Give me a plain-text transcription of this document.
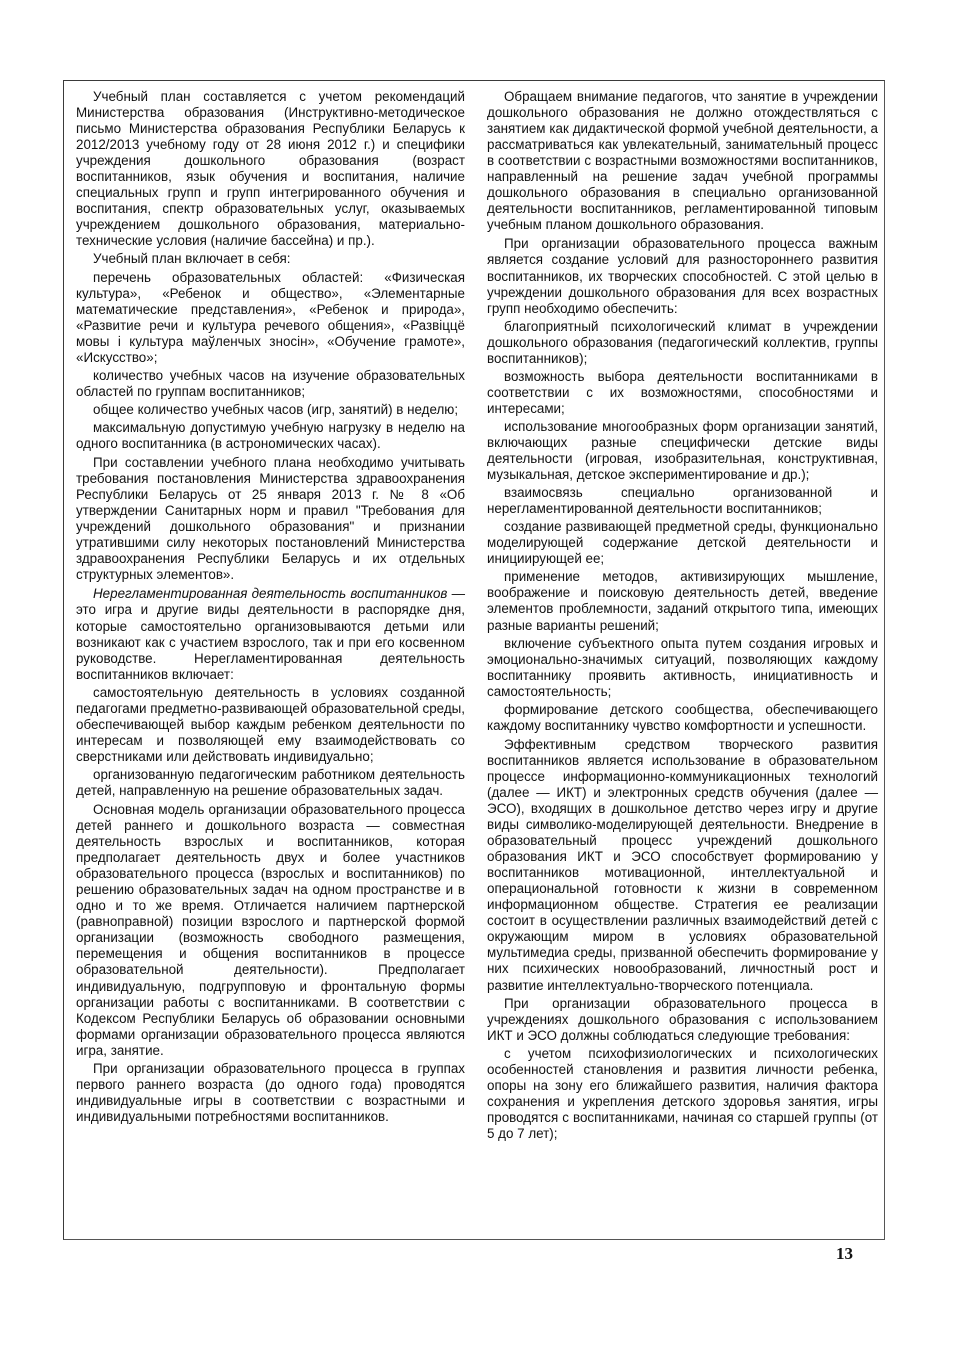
Учебный план составляется с учетом рекомендаций Министерства образования (Инструктивно-методическое письмо Министерства образования Республики Беларусь к 2012/2013 учебному году от 28 июня 2012 г.) и специфики учреждения дошкольного образования (возраст воспитанников, язык обучения и воспитания, наличие специальных групп и групп интегрированного обучения и воспитания, спектр образовательных услуг, оказываемых учреждением дошкольного образования, материально-технические условия (наличие бассейна) и пр.).

Учебный план включает в себя:

перечень образовательных областей: «Физическая культура», «Ребенок и общество», «Элементарные математические представления», «Ребенок и природа», «Развитие речи и культура речевого общения», «Развіццё мовы і культура маўленчых зносін», «Обучение грамоте», «Искусство»;

количество учебных часов на изучение образовательных областей по группам воспитанников;

общее количество учебных часов (игр, занятий) в неделю;

максимальную допустимую учебную нагрузку в неделю на одного воспитанника (в астрономических часах).

При составлении учебного плана необходимо учитывать требования постановления Министерства здравоохранения Республики Беларусь от 25 января 2013 г. № 8 «Об утверждении Санитарных норм и правил "Требования для учреждений дошкольного образования" и признании утратившими силу некоторых постановлений Министерства здравоохранения Республики Беларусь и их отдельных структурных элементов».

Нерегламентированная деятельность воспитанников — это игра и другие виды деятельности в распорядке дня, которые самостоятельно организовываются детьми или возникают как с участием взрослого, так и при его косвенном руководстве. Нерегламентированная деятельность воспитанников включает:

самостоятельную деятельность в условиях созданной педагогами предметно-развивающей образовательной среды, обеспечивающей выбор каждым ребенком деятельности по интересам и позволяющей ему взаимодействовать со сверстниками или действовать индивидуально;

организованную педагогическим работником деятельность детей, направленную на решение образовательных задач.

Основная модель организации образовательного процесса детей раннего и дошкольного возраста — совместная деятельность взрослых и воспитанников, которая предполагает деятельность двух и более участников образовательного процесса (взрослых и воспитанников) по решению образовательных задач на одном пространстве и в одно и то же время. Отличается наличием партнерской (равноправной) позиции взрослого и партнерской формой организации (возможность свободного размещения, перемещения и общения воспитанников в процессе образовательной деятельности). Предполагает индивидуальную, подгрупповую и фронтальную формы организации работы с воспитанниками. В соответствии с Кодексом Республики Беларусь об образовании основными формами организации образовательного процесса являются игра, занятие.

При организации образовательного процесса в группах первого раннего возраста (до одного года) проводятся индивидуальные игры в соответствии с возрастными и индивидуальными потребностями воспитанников.

Обращаем внимание педагогов, что занятие в учреждении дошкольного образования не должно отождествляться с занятием как дидактической формой учебной деятельности, а рассматриваться как увлекательный, занимательный процесс в соответствии с возрастными возможностями воспитанников, направленный на решение задач учебной программы дошкольного образования в специально организованной деятельности воспитанников, регламентированной типовым учебным планом дошкольного образования.

При организации образовательного процесса важным является создание условий для разностороннего развития воспитанников, их творческих способностей. С этой целью в учреждении дошкольного образования для всех возрастных групп необходимо обеспечить:

благоприятный психологический климат в учреждении дошкольного образования (педагогический коллектив, группы воспитанников);

возможность выбора деятельности воспитанниками в соответствии с их возможностями, способностями и интересами;

использование многообразных форм организации занятий, включающих разные специфически детские виды деятельности (игровая, изобразительная, конструктивная, музыкальная, детское экспериментирование и др.);

взаимосвязь специально организованной и нерегламентированной деятельности воспитанников;

создание развивающей предметной среды, функционально моделирующей содержание детской деятельности и инициирующей ее;

применение методов, активизирующих мышление, воображение и поисковую деятельность детей, введение элементов проблемности, заданий открытого типа, имеющих разные варианты решений;

включение субъектного опыта путем создания игровых и эмоционально-значимых ситуаций, позволяющих каждому воспитаннику проявить активность, инициативность и самостоятельность;

формирование детского сообщества, обеспечивающего каждому воспитаннику чувство комфортности и успешности.

Эффективным средством творческого развития воспитанников является использование в образовательном процессе информационно-коммуникационных технологий (далее — ИКТ) и электронных средств обучения (далее — ЭСО), входящих в дошкольное детство через игру и другие виды символико-моделирующей деятельности. Внедрение в образовательный процесс учреждений дошкольного образования ИКТ и ЭСО способствует формированию у воспитанников мотивационной, интеллектуальной и операциональной готовности к жизни в современном информационном обществе. Стратегия ее реализации состоит в осуществлении различных взаимодействий детей с окружающим миром в условиях образовательной мультимедиа среды, призванной обеспечить формирование у них психических новообразований, личностный рост и развитие интеллектуально-творческого потенциала.

При организации образовательного процесса в учреждениях дошкольного образования с использованием ИКТ и ЭСО должны соблюдаться следующие требования:

с учетом психофизиологических и психологических особенностей становления и развития личности ребенка, опоры на зону его ближайшего развития, наличия фактора сохранения и укрепления детского здоровья занятия, игры проводятся с воспитанниками, начиная со старшей группы (от 5 до 7 лет);

13
